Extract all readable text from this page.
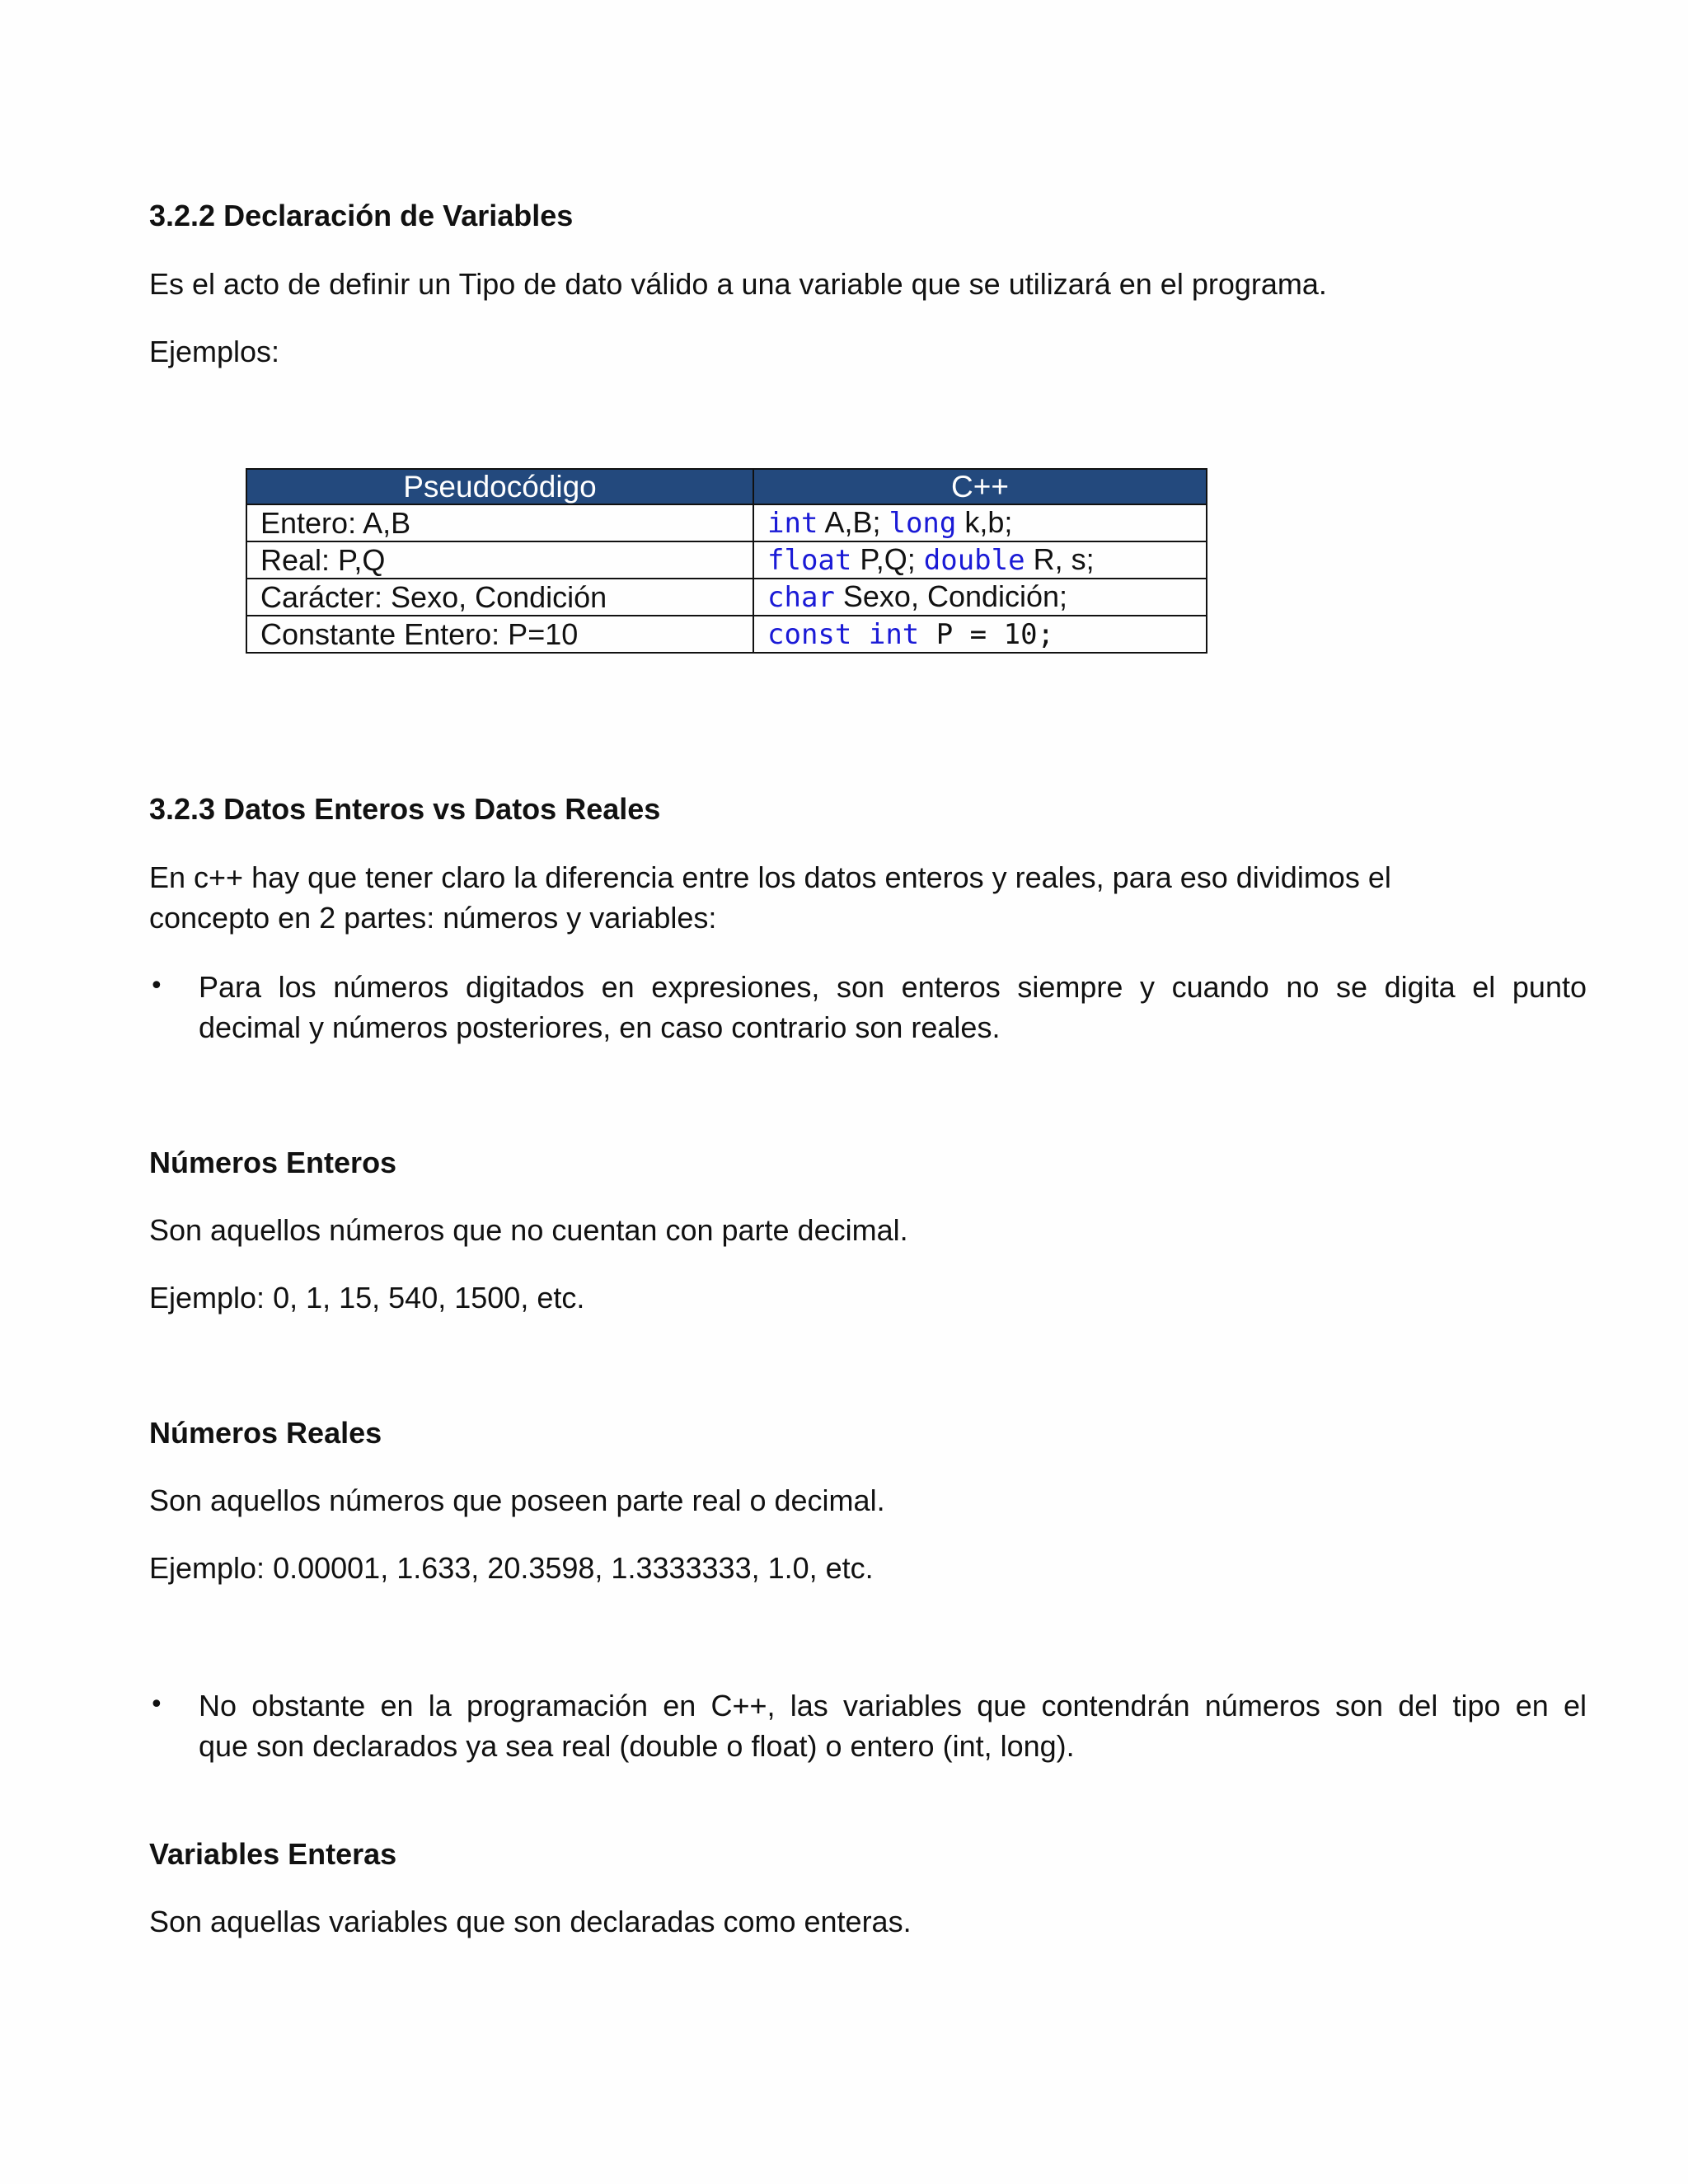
3.2.2 Declaración de Variables
Es el acto de definir un Tipo de dato válido a una variable que se utilizará en el programa.
Ejemplos:
Pseudocódigo	C++
Entero: A,B	int A,B; long k,b;
Real: P,Q	float P,Q; double R, s;
Carácter: Sexo, Condición	char Sexo, Condición;
Constante Entero: P=10	const int P = 10;
3.2.3 Datos Enteros vs Datos Reales
En c++ hay que tener claro la diferencia entre los datos enteros y reales, para eso dividimos el
concepto en 2 partes: números y variables:
• Para los números digitados en expresiones, son enteros siempre y cuando no se digita el punto
decimal y números posteriores, en caso contrario son reales.
Números Enteros
Son aquellos números que no cuentan con parte decimal.
Ejemplo: 0, 1, 15, 540, 1500, etc.
Números Reales
Son aquellos números que poseen parte real o decimal.
Ejemplo: 0.00001, 1.633, 20.3598, 1.3333333, 1.0, etc.
• No obstante en la programación en C++, las variables que contendrán números son del tipo en el
que son declarados ya sea real (double o float) o entero (int, long).
Variables Enteras
Son aquellas variables que son declaradas como enteras.
